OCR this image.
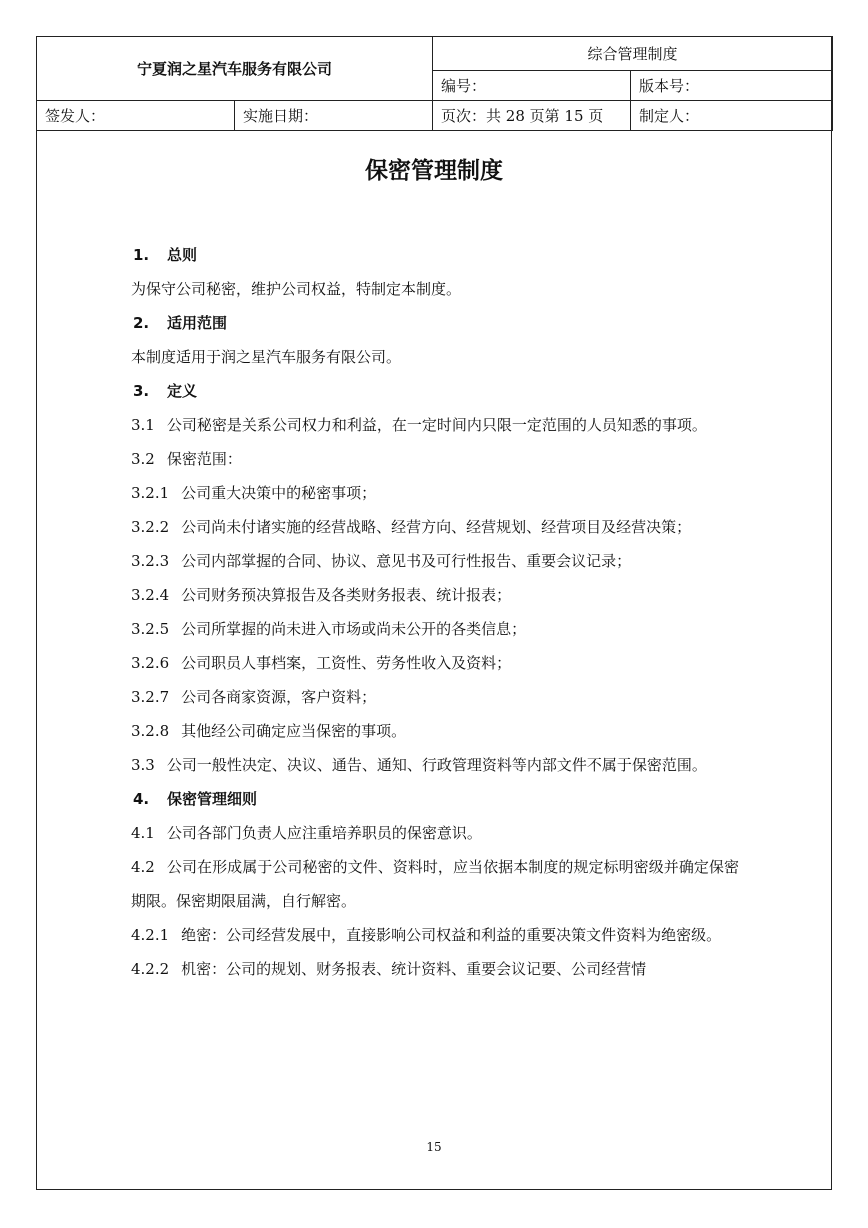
宁夏润之星汽车服务有限公司		综合管理制度	
		编号：	版本号：
签发人：	实施日期：	页次：共 28 页第 15 页	制定人：
保密管理制度
1. 总则
为保守公司秘密，维护公司权益，特制定本制度。
2. 适用范围
本制度适用于润之星汽车服务有限公司。
3. 定义
3.1 公司秘密是关系公司权力和利益，在一定时间内只限一定范围的人员知悉的事项。
3.2 保密范围：
3.2.1 公司重大决策中的秘密事项；
3.2.2 公司尚未付诸实施的经营战略、经营方向、经营规划、经营项目及经营决策；
3.2.3 公司内部掌握的合同、协议、意见书及可行性报告、重要会议记录；
3.2.4 公司财务预决算报告及各类财务报表、统计报表；
3.2.5 公司所掌握的尚未进入市场或尚未公开的各类信息；
3.2.6 公司职员人事档案，工资性、劳务性收入及资料；
3.2.7 公司各商家资源，客户资料；
3.2.8 其他经公司确定应当保密的事项。
3.3 公司一般性决定、决议、通告、通知、行政管理资料等内部文件不属于保密范围。
4. 保密管理细则
4.1 公司各部门负责人应注重培养职员的保密意识。
4.2 公司在形成属于公司秘密的文件、资料时，应当依据本制度的规定标明密级并确定保密期限。保密期限届满，自行解密。
4.2.1 绝密：公司经营发展中，直接影响公司权益和利益的重要决策文件资料为绝密级。
4.2.2 机密：公司的规划、财务报表、统计资料、重要会议记要、公司经营情
15
